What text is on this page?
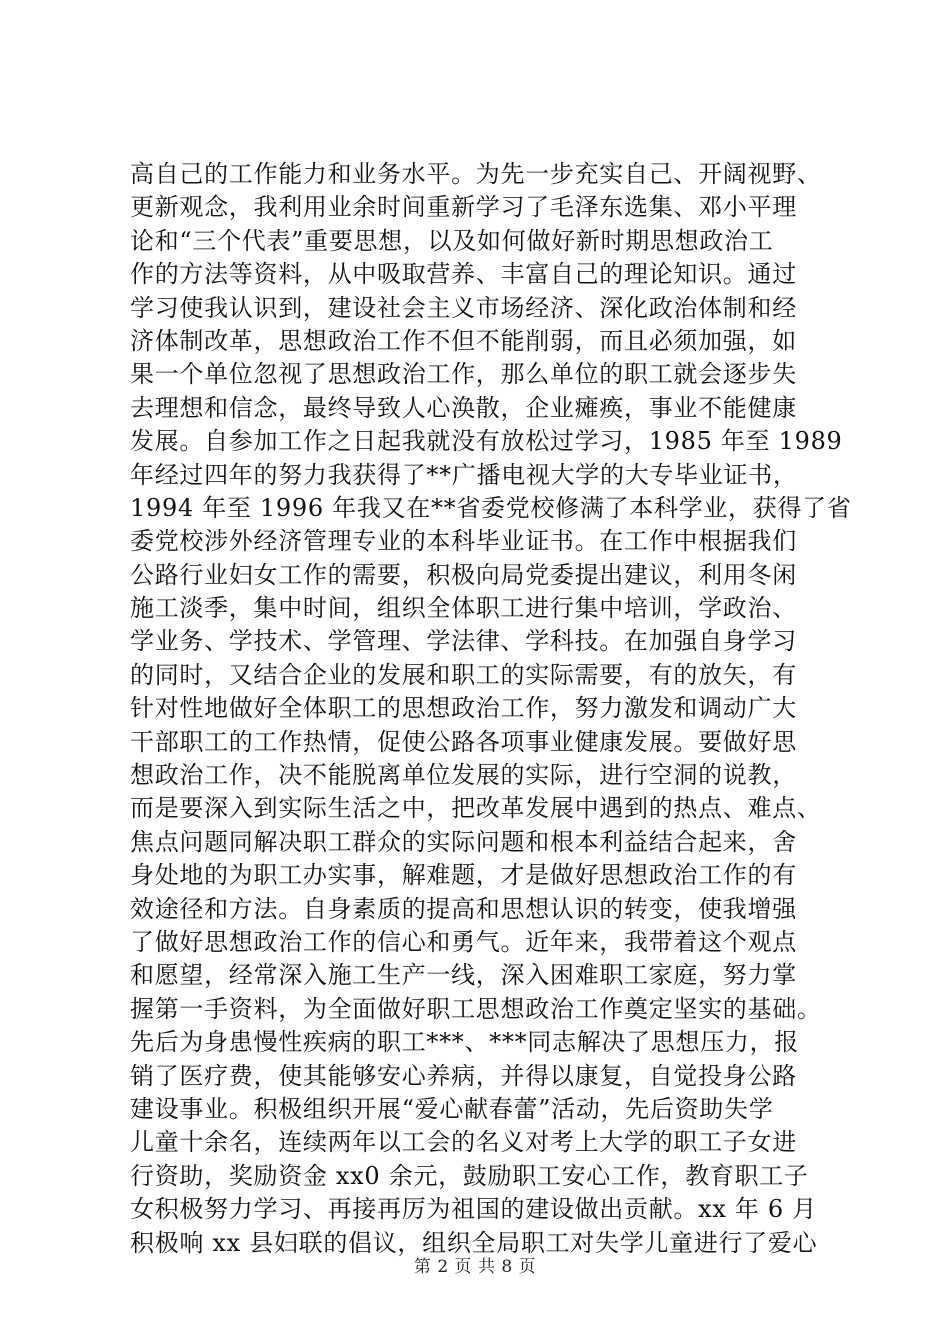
高自己的工作能力和业务水平。为先一步充实自己、开阔视野、
更新观念，我利用业余时间重新学习了毛泽东选集、邓小平理
论和“三个代表”重要思想，以及如何做好新时期思想政治工
作的方法等资料，从中吸取营养、丰富自己的理论知识。通过
学习使我认识到，建设社会主义市场经济、深化政治体制和经
济体制改革，思想政治工作不但不能削弱，而且必须加强，如
果一个单位忽视了思想政治工作，那么单位的职工就会逐步失
去理想和信念，最终导致人心涣散，企业瘫痪，事业不能健康
发展。自参加工作之日起我就没有放松过学习，1985 年至 1989
年经过四年的努力我获得了**广播电视大学的大专毕业证书，
1994 年至 1996 年我又在**省委党校修满了本科学业，获得了省
委党校涉外经济管理专业的本科毕业证书。在工作中根据我们
公路行业妇女工作的需要，积极向局党委提出建议，利用冬闲
施工淡季，集中时间，组织全体职工进行集中培训，学政治、
学业务、学技术、学管理、学法律、学科技。在加强自身学习
的同时，又结合企业的发展和职工的实际需要，有的放矢，有
针对性地做好全体职工的思想政治工作，努力激发和调动广大
干部职工的工作热情，促使公路各项事业健康发展。要做好思
想政治工作，决不能脱离单位发展的实际，进行空洞的说教，
而是要深入到实际生活之中，把改革发展中遇到的热点、难点、
焦点问题同解决职工群众的实际问题和根本利益结合起来，舍
身处地的为职工办实事，解难题，才是做好思想政治工作的有
效途径和方法。自身素质的提高和思想认识的转变，使我增强
了做好思想政治工作的信心和勇气。近年来，我带着这个观点
和愿望，经常深入施工生产一线，深入困难职工家庭，努力掌
握第一手资料，为全面做好职工思想政治工作奠定坚实的基础。
先后为身患慢性疾病的职工***、***同志解决了思想压力，报
销了医疗费，使其能够安心养病，并得以康复，自觉投身公路
建设事业。积极组织开展“爱心献春蕾”活动，先后资助失学
儿童十余名，连续两年以工会的名义对考上大学的职工子女进
行资助，奖励资金 xx0 余元，鼓励职工安心工作，教育职工子
女积极努力学习、再接再厉为祖国的建设做出贡献。xx 年 6 月
积极响 xx 县妇联的倡议，组织全局职工对失学儿童进行了爱心
第 2 页 共 8 页
